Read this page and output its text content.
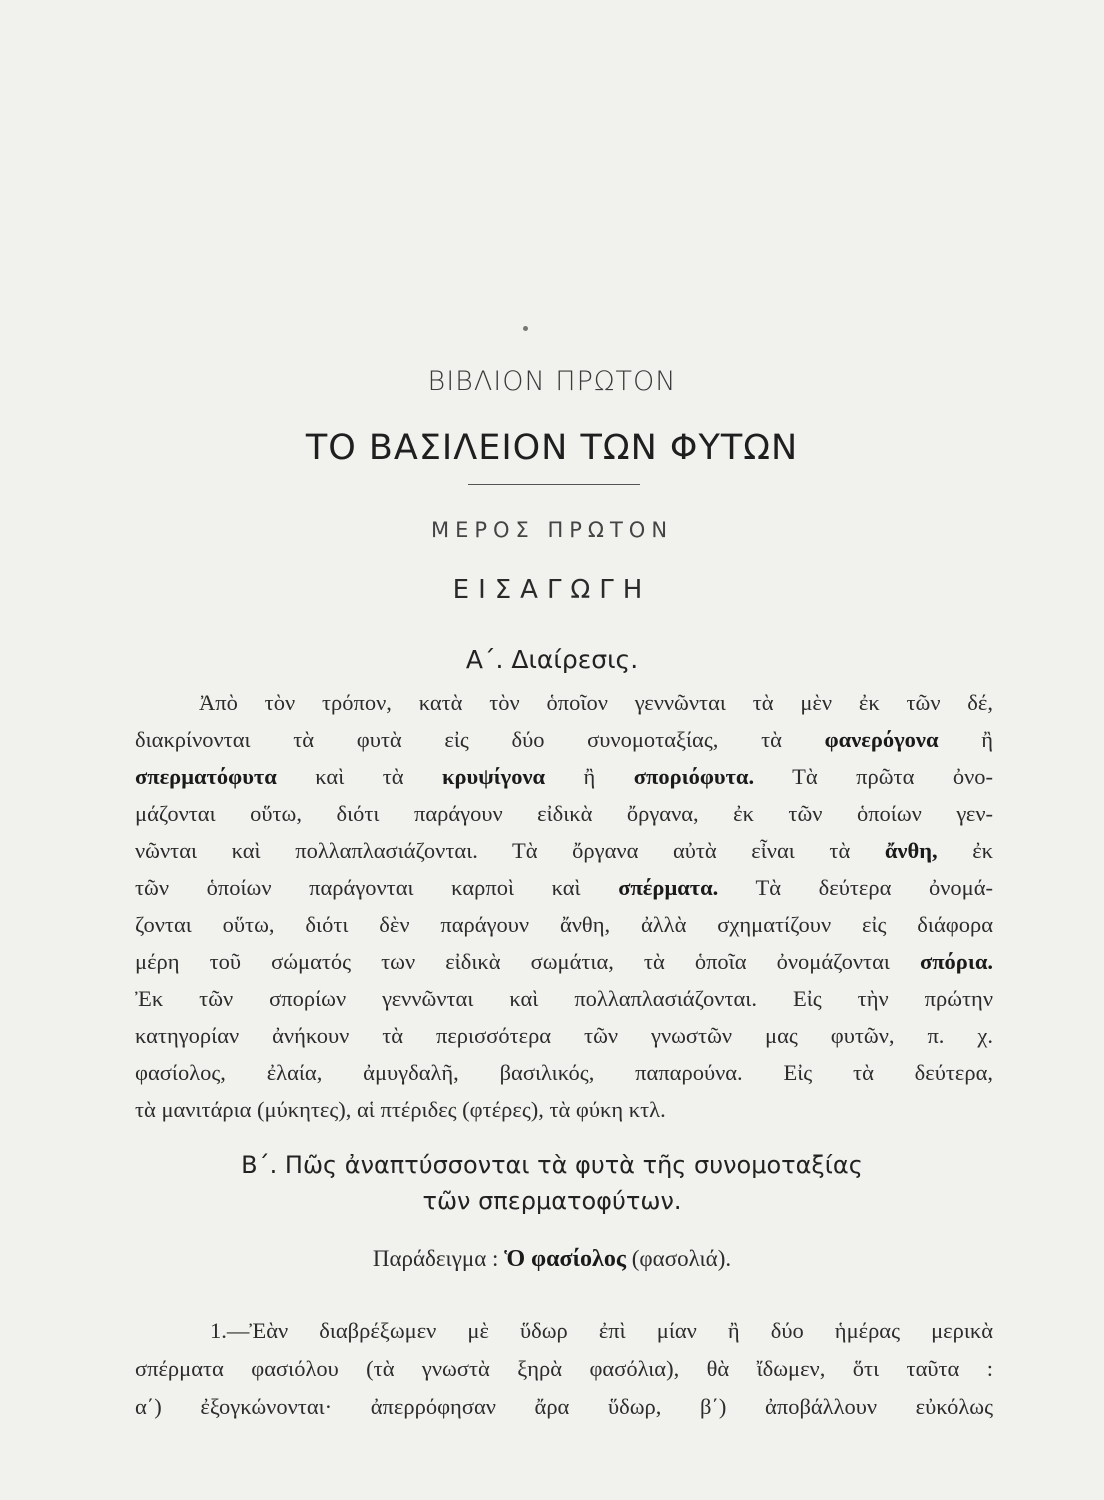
ΒΙΒΛΙΟΝ ΠΡΩΤΟΝ
ΤΟ ΒΑΣΙΛΕΙΟΝ ΤΩΝ ΦΥΤΩΝ
ΜΕΡΟΣ ΠΡΩΤΟΝ
ΕΙΣΑΓΩΓΗ
Α΄. Διαίρεσις.
Ἀπὸ τὸν τρόπον, κατὰ τὸν ὁποῖον γεννῶνται τὰ μὲν ἐκ τῶν δέ,
διακρίνονται τὰ φυτὰ εἰς δύο συνομοταξίας, τὰ φανερόγονα ἢ
σπερματόφυτα καὶ τὰ κρυψίγονα ἢ σποριόφυτα. Τὰ πρῶτα ὀνο-
μάζονται οὕτω, διότι παράγουν εἰδικὰ ὄργανα, ἐκ τῶν ὁποίων γεν-
νῶνται καὶ πολλαπλασιάζονται. Τὰ ὄργανα αὐτὰ εἶναι τὰ ἄνθη, ἐκ
τῶν ὁποίων παράγονται καρποὶ καὶ σπέρματα. Τὰ δεύτερα ὀνομά-
ζονται οὕτω, διότι δὲν παράγουν ἄνθη, ἀλλὰ σχηματίζουν εἰς διάφορα
μέρη τοῦ σώματός των εἰδικὰ σωμάτια, τὰ ὁποῖα ὀνομάζονται σπόρια.
Ἐκ τῶν σπορίων γεννῶνται καὶ πολλαπλασιάζονται. Εἰς τὴν πρώτην
κατηγορίαν ἀνήκουν τὰ περισσότερα τῶν γνωστῶν μας φυτῶν, π. χ.
φασίολος, ἐλαία, ἀμυγδαλῆ, βασιλικός, παπαρούνα. Εἰς τὰ δεύτερα,
τὰ μανιτάρια (μύκητες), αἱ πτέριδες (φτέρες), τὰ φύκη κτλ.
Β΄. Πῶς ἀναπτύσσονται τὰ φυτὰ τῆς συνομοταξίας
τῶν σπερματοφύτων.
Παράδειγμα : Ὁ φασίολος (φασολιά).
1.—Ἐὰν διαβρέξωμεν μὲ ὕδωρ ἐπὶ μίαν ἢ δύο ἡμέρας μερικὰ
σπέρματα φασιόλου (τὰ γνωστὰ ξηρὰ φασόλια), θὰ ἴδωμεν, ὅτι ταῦτα :
α΄) ἐξογκώνονται· ἀπερρόφησαν ἄρα ὕδωρ, β΄) ἀποβάλλουν εὐκόλως
